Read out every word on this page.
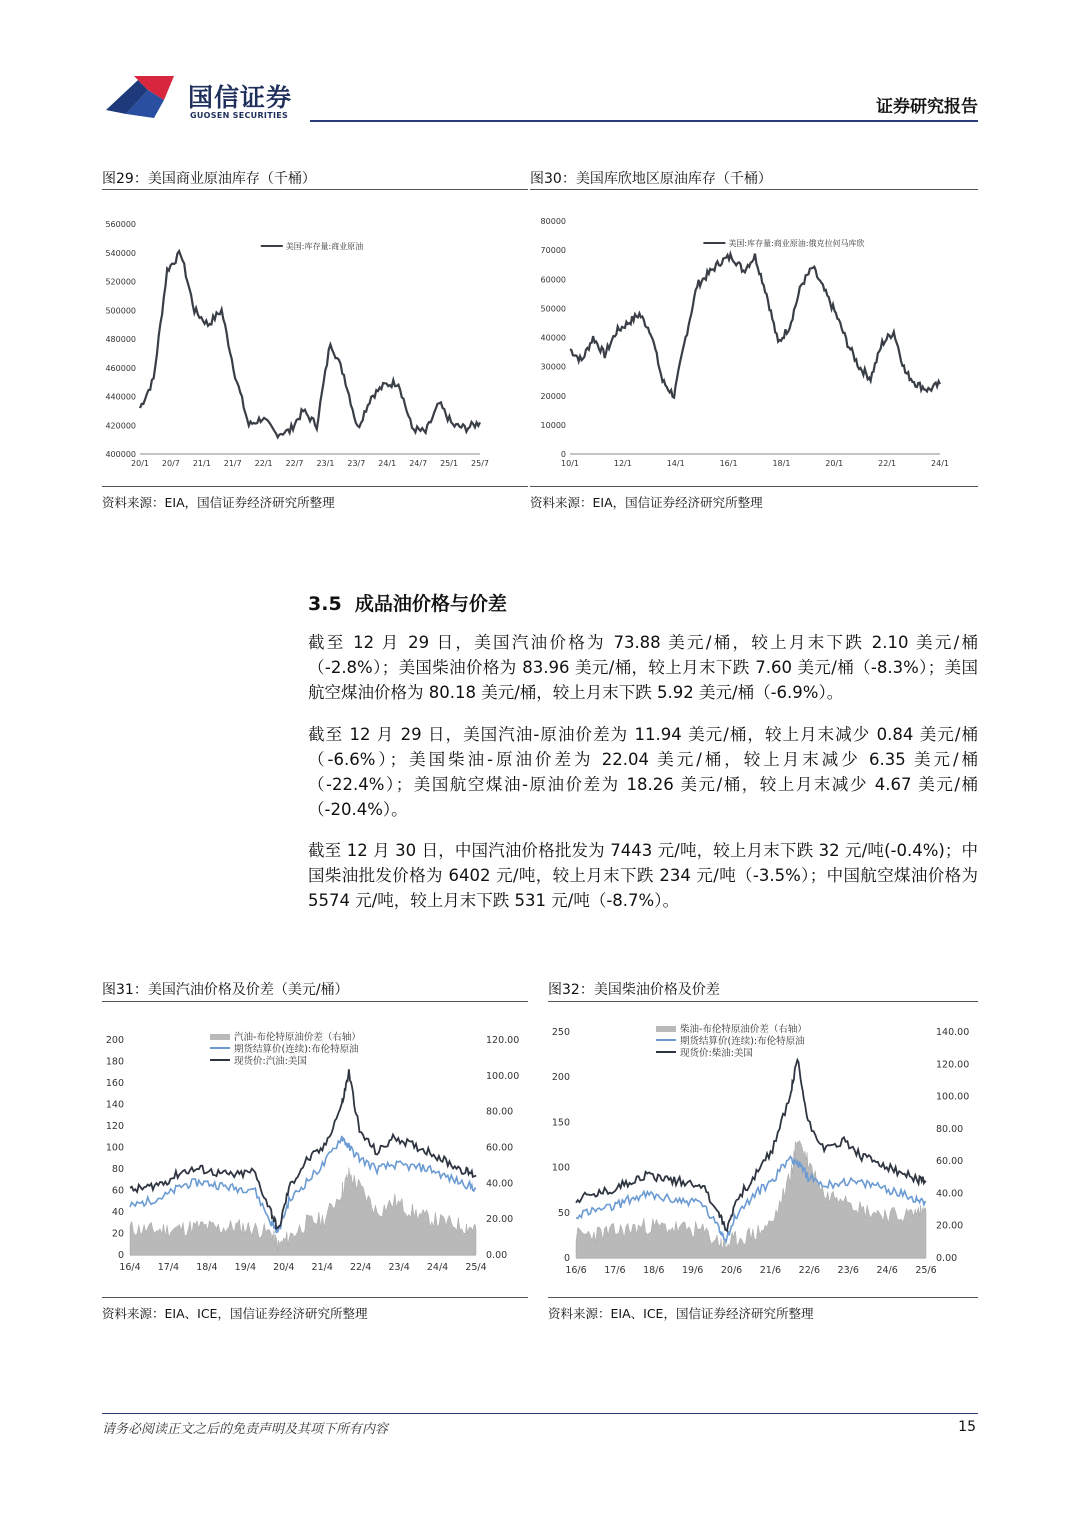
国信证券
GUOSEN SECURITIES	证券研究报告
图29：美国商业原油库存（千桶）
560000
540000
520000
500000
480000
460000
440000
420000
400000
20/1 20/7 21/1 21/7 22/1 22/7 23/1 23/7 24/1 24/7 25/1 25/7
美国:库存量:商业原油
资料来源：EIA，国信证券经济研究所整理
图30：美国库欣地区原油库存（千桶）
80000
70000
60000
50000
40000
30000
20000
10000
0
10/1	12/1	14/1	16/1	18/1	20/1	22/1	24/1
美国:库存量:商业原油:俄克拉何马库欣
资料来源：EIA，国信证券经济研究所整理
3.5 成品油价格与价差
截至 12 月 29 日，美国汽油价格为 73.88 美元/桶，较上月末下跌 2.10 美元/桶（-2.8%）；美国柴油价格为 83.96 美元/桶，较上月末下跌 7.60 美元/桶（-8.3%）；美国航空煤油价格为 80.18 美元/桶，较上月末下跌 5.92 美元/桶（-6.9%）。
截至 12 月 29 日，美国汽油-原油价差为 11.94 美元/桶，较上月末减少 0.84 美元/桶（-6.6%）；美国柴油-原油价差为 22.04 美元/桶，较上月末减少 6.35 美元/桶（-22.4%）；美国航空煤油-原油价差为 18.26 美元/桶，较上月末减少 4.67 美元/桶（-20.4%）。
截至 12 月 30 日，中国汽油价格批发为 7443 元/吨，较上月末下跌 32 元/吨(-0.4%)；中国柴油批发价格为 6402 元/吨，较上月末下跌 234 元/吨（-3.5%）；中国航空煤油价格为 5574 元/吨，较上月末下跌 531 元/吨（-8.7%）。
图31：美国汽油价格及价差（美元/桶）
200
180
160
140
120
100
80
60
40
20
0
120.00
100.00
80.00
60.00
40.00
20.00
0.00
16/4 17/4 18/4 19/4 20/4 21/4 22/4 23/4 24/4 25/4
汽油-布伦特原油价差（右轴）
期货结算价(连续):布伦特原油
现货价:汽油:美国
资料来源：EIA、ICE，国信证券经济研究所整理
图32：美国柴油价格及价差
250
200
150
100
50
0
140.00
120.00
100.00
80.00
60.00
40.00
20.00
0.00
16/6 17/6 18/6 19/6 20/6 21/6 22/6 23/6 24/6 25/6
柴油-布伦特原油价差（右轴）
期货结算价(连续):布伦特原油
现货价:柴油:美国
资料来源：EIA、ICE，国信证券经济研究所整理
请务必阅读正文之后的免责声明及其项下所有内容	15
